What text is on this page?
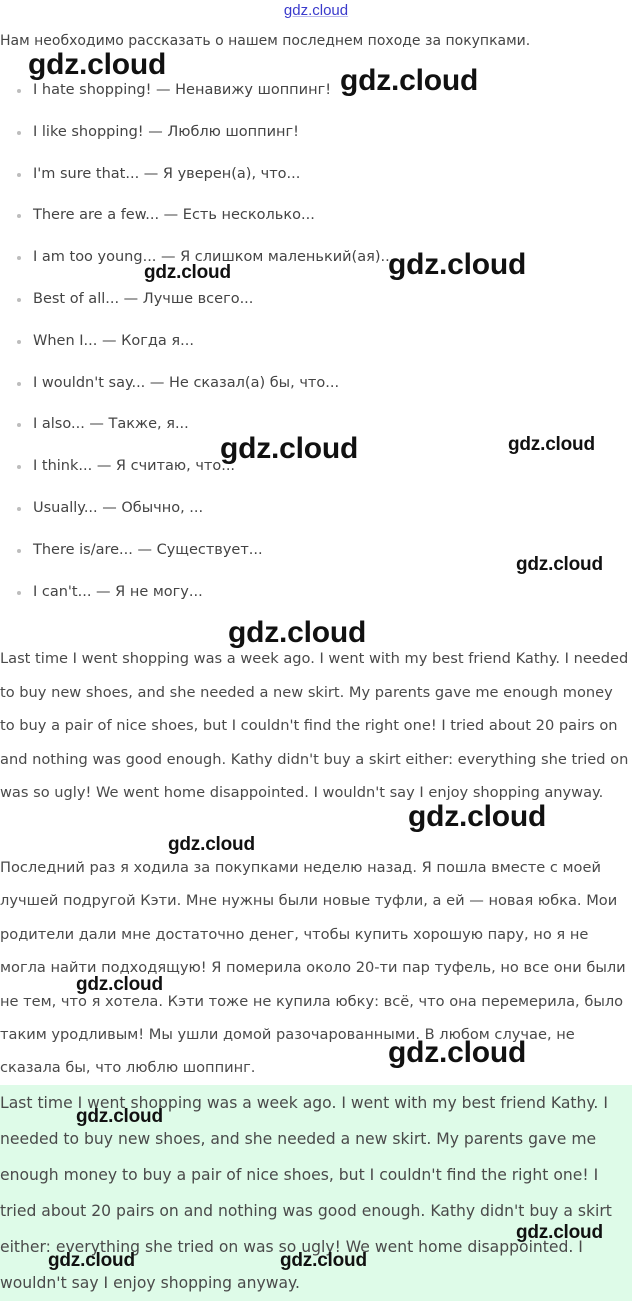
gdz.cloud
Нам необходимо рассказать о нашем последнем походе за покупками.
I hate shopping! — Ненавижу шоппинг!
I like shopping! — Люблю шоппинг!
I'm sure that... — Я уверен(а), что...
There are a few... — Есть несколько...
I am too young... — Я слишком маленький(ая)...
Best of all... — Лучше всего...
When I... — Когда я...
I wouldn't say... — Не сказал(а) бы, что...
I also... — Также, я...
I think... — Я считаю, что...
Usually... — Обычно, ...
There is/are... — Существует...
I can't... — Я не могу...
Last time I went shopping was a week ago. I went with my best friend Kathy. I needed to buy new shoes, and she needed a new skirt. My parents gave me enough money to buy a pair of nice shoes, but I couldn't find the right one! I tried about 20 pairs on and nothing was good enough. Kathy didn't buy a skirt either: everything she tried on was so ugly! We went home disappointed. I wouldn't say I enjoy shopping anyway.
Последний раз я ходила за покупками неделю назад. Я пошла вместе с моей лучшей подругой Кэти. Мне нужны были новые туфли, а ей — новая юбка. Мои родители дали мне достаточно денег, чтобы купить хорошую пару, но я не могла найти подходящую! Я померила около 20-ти пар туфель, но все они были не тем, что я хотела. Кэти тоже не купила юбку: всё, что она перемерила, было таким уродливым! Мы ушли домой разочарованными. В любом случае, не сказала бы, что люблю шоппинг.

Last time I went shopping was a week ago. I went with my best friend Kathy. I needed to buy new shoes, and she needed a new skirt. My parents gave me enough money to buy a pair of nice shoes, but I couldn't find the right one! I tried about 20 pairs on and nothing was good enough. Kathy didn't buy a skirt either: everything she tried on was so ugly! We went home disappointed. I wouldn't say I enjoy shopping anyway.

gdz.cloud	gdz.cloud
gdz.cloud	gdz.cloud
gdz.cloud	gdz.cloud
gdz.cloud
gdz.cloud
gdz.cloud
gdz.cloud
gdz.cloud
gdz.cloud
gdz.cloud
gdz.cloud
gdz.cloud	gdz.cloud
